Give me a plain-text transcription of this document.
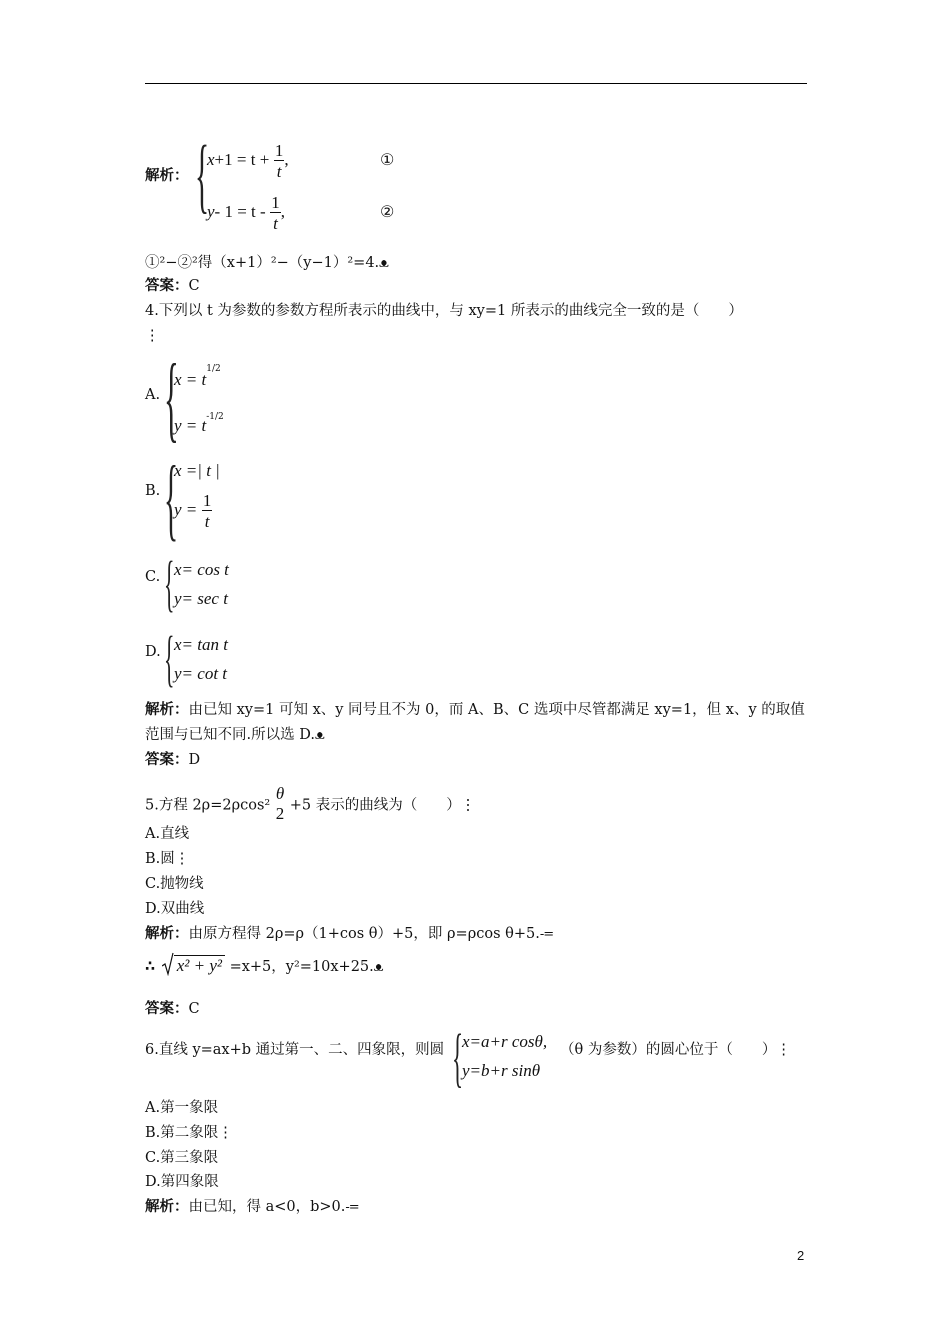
解析： {
$x+1 = t + \frac{1}{t}$ ,	①
y- $1 = t - \frac{1}{t}$ ,	②
①²−②²得（x+1）²−（y−1）²=4.ᴥ
答案：C
4.下列以 t 为参数的参数方程所表示的曲线中，与 xy=1 所表示的曲线完全一致的是（　　）
⋮
A. {
$x = t^{1/2}$
$y = t^{-1/2}$
B. {
x =| t |
$y = \frac{1}{t}$
C. { x= cos t
y= sec t
D. { x= tan t
y= cot t
解析：由已知 xy=1 可知 x、y 同号且不为 0，而 A、B、C 选项中尽管都满足 xy=1，但 x、y 的取值
范围与已知不同.所以选 D.ᴥ
答案：D
5.方程 2ρ=2ρcos²
θ
2 +5 表示的曲线为（　　）⋮
A.直线
B.圆⋮
C.抛物线
D.双曲线
解析：由原方程得 2ρ=ρ（1+cos θ）+5，即 ρ=ρcos θ+5.-=
∴ x² + y² =x+5，y²=10x+25.ᴥ
答案：C
6.直线 y=ax+b 通过第一、二、四象限，则圆 {
x=a+r cosθ,
y=b+r sinθ
（θ 为参数）的圆心位于（　　）⋮
A.第一象限
B.第二象限⋮
C.第三象限
D.第四象限
解析：由已知，得 a<0，b>0.-=
2
